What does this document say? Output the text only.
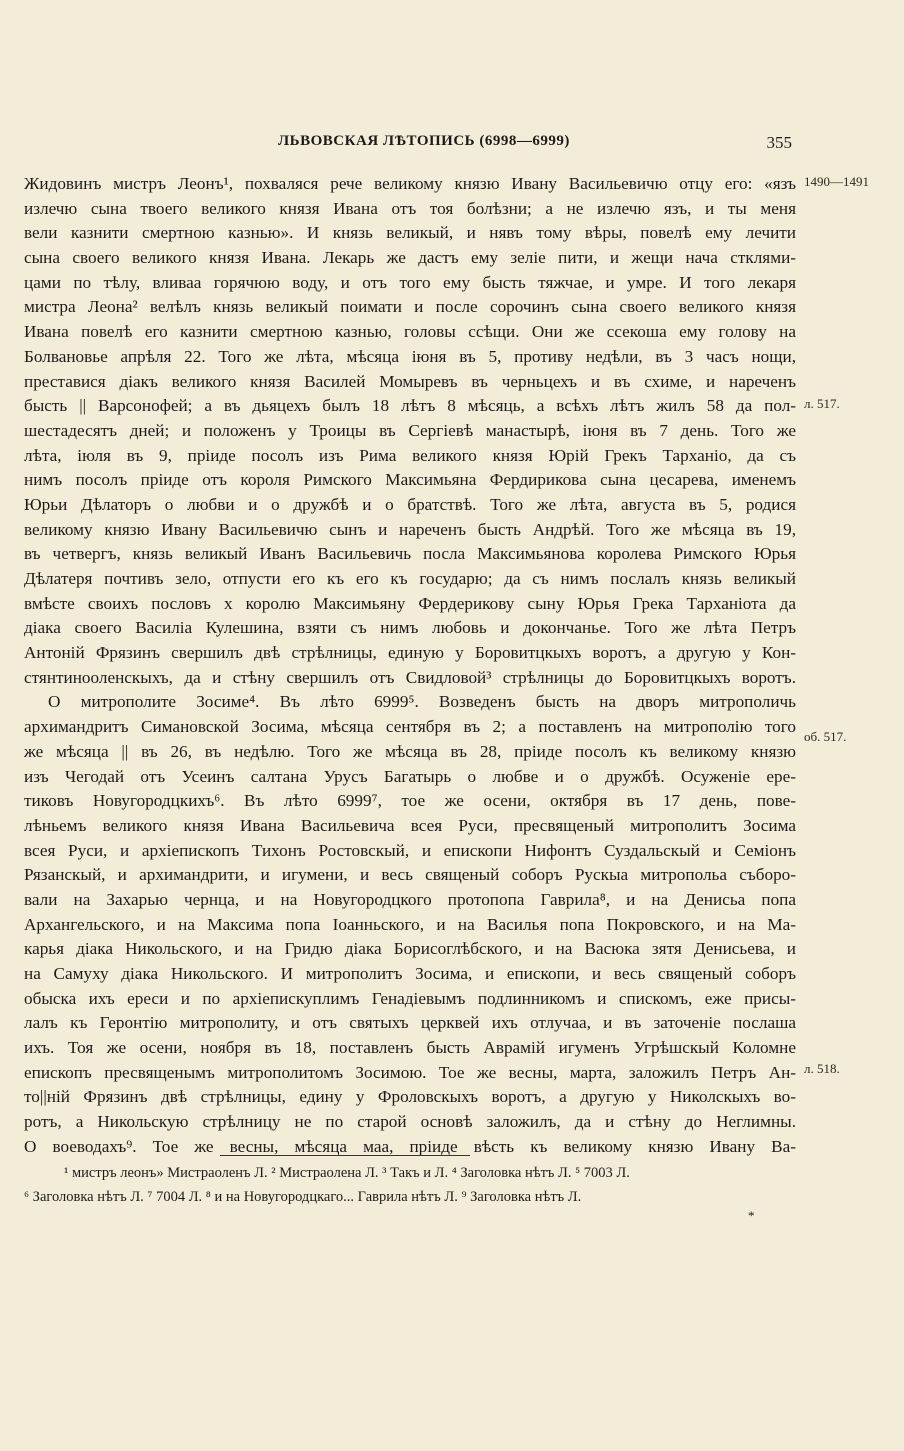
ЛЬВОВСКАЯ ЛѢТОПИСЬ (6998—6999)	355
1490—1491
л. 517.
об. 517.
л. 518.
Жидовинъ мистръ Леонъ¹, похваляся рече великому князю Ивану Васильевичю отцу его: «язъ
излечю сына твоего великого князя Ивана отъ тоя болѣзни; а не излечю язъ, и ты меня
вели казнити смертною казнью». И князь великый, и нявъ тому вѣры, повелѣ ему лечити
сына своего великого князя Ивана. Лекарь же дастъ ему зелiе пити, и жещи нача стклями-
цами по тѣлу, вливаа горячюю воду, и отъ того ему бысть тяжчае, и умре. И того лекаря
мистра Леона² велѣлъ князь великый поимати и после сорочинъ сына своего великого князя
Ивана повелѣ его казнити смертною казнью, головы ссѣщи. Они же ссекоша ему голову на
Болвановье апрѣля 22. Того же лѣта, мѣсяца iюня въ 5, противу недѣли, въ 3 часъ нощи,
преставися дiакъ великого князя Василей Момыревъ въ черньцехъ и въ схиме, и нареченъ
бысть || Варсонофей; а въ дьяцехъ былъ 18 лѣтъ 8 мѣсяць, а всѣхъ лѣтъ жилъ 58 да пол-
шестадесятъ дней; и положенъ у Троицы въ Сергiевѣ манастырѣ, iюня въ 7 день. Того же
лѣта, iюля въ 9, прiиде посолъ изъ Рима великого князя Юрiй Грекъ Тарханiо, да съ
нимъ посолъ прiиде отъ короля Римского Максимьяна Фердирикова сына цесарева, именемъ
Юрьи Дѣлаторъ о любви и о дружбѣ и о братствѣ. Того же лѣта, августа въ 5, родися
великому князю Ивану Васильевичю сынъ и нареченъ бысть Андрѣй. Того же мѣсяца въ 19,
въ четвергъ, князь великый Иванъ Васильевичь посла Максимьянова королева Римского Юрья
Дѣлатеря почтивъ зело, отпусти его къ его къ государю; да съ нимъ послалъ князь великый
вмѣсте своихъ пословъ х королю Максимьяну Фердерикову сыну Юрья Грека Тарханiота да
дiака своего Василiа Кулешина, взяти съ нимъ любовь и докончанье. Того же лѣта Петръ
Антонiй Фрязинъ свершилъ двѣ стрѣлницы, единую у Боровитцкыхъ воротъ, а другую у Кон-
стянтинооленскыхъ, да и стѣну свершилъ отъ Свидловой³ стрѣлницы до Боровитцкыхъ воротъ.
О митрополите Зосиме⁴. Въ лѣто 6999⁵. Возведенъ бысть на дворъ митрополичь
архимандритъ Симановской Зосима, мѣсяца сентября въ 2; а поставленъ на митрополiю того
же мѣсяца || въ 26, въ недѣлю. Того же мѣсяца въ 28, прiиде посолъ къ великому князю
изъ Чегодай отъ Усеинъ салтана Урусъ Багатырь о любве и о дружбѣ. Осуженiе ере-
тиковъ Новугородцкихъ⁶. Въ лѣто 6999⁷, тое же осени, октября въ 17 день, пове-
лѣньемъ великого князя Ивана Васильевича всея Руси, пресвященый митрополитъ Зосима
всея Руси, и архiепископъ Тихонъ Ростовскый, и епископи Нифонтъ Суздальскый и Семiонъ
Рязанскый, и архимандрити, и игумени, и весь священый соборъ Рускыа митропольа съборо-
вали на Захарью чернца, и на Новугородцкого протопопа Гаврила⁸, и на Денисьа попа
Архангельского, и на Максима попа Iоанньского, и на Василья попа Покровского, и на Ма-
карья дiака Никольского, и на Гридю дiака Борисоглѣбского, и на Васюка зятя Денисьева, и
на Самуху дiака Никольского. И митрополитъ Зосима, и епископи, и весь священый соборъ
обыска ихъ ереси и по архiепискуплимъ Генадiевымъ подлинникомъ и спискомъ, еже присы-
лалъ къ Геронтiю митрополиту, и отъ святыхъ церквей ихъ отлучаа, и въ заточенiе послаша
ихъ. Тоя же осени, ноября въ 18, поставленъ бысть Аврамiй игуменъ Угрѣшскый Коломне
епископъ пресвященымъ митрополитомъ Зосимою. Тое же весны, марта, заложилъ Петръ Ан-
то||нiй Фрязинъ двѣ стрѣлницы, едину у Фроловскыхъ воротъ, а другую у Николскыхъ во-
ротъ, а Никольскую стрѣлницу не по старой основѣ заложилъ, да и стѣну до Неглимны.
О воеводахъ⁹. Тое же весны, мѣсяца маа, прiиде вѣсть къ великому князю Ивану Ва-
¹ мистръ леонъ» Мистраоленъ Л. ² Мистраолена Л. ³ Такъ и Л. ⁴ Заголовка нѣтъ Л. ⁵ 7003 Л.
⁶ Заголовка нѣтъ Л. ⁷ 7004 Л. ⁸ и на Новугородцкаго... Гаврила нѣтъ Л. ⁹ Заголовка нѣтъ Л.
*
